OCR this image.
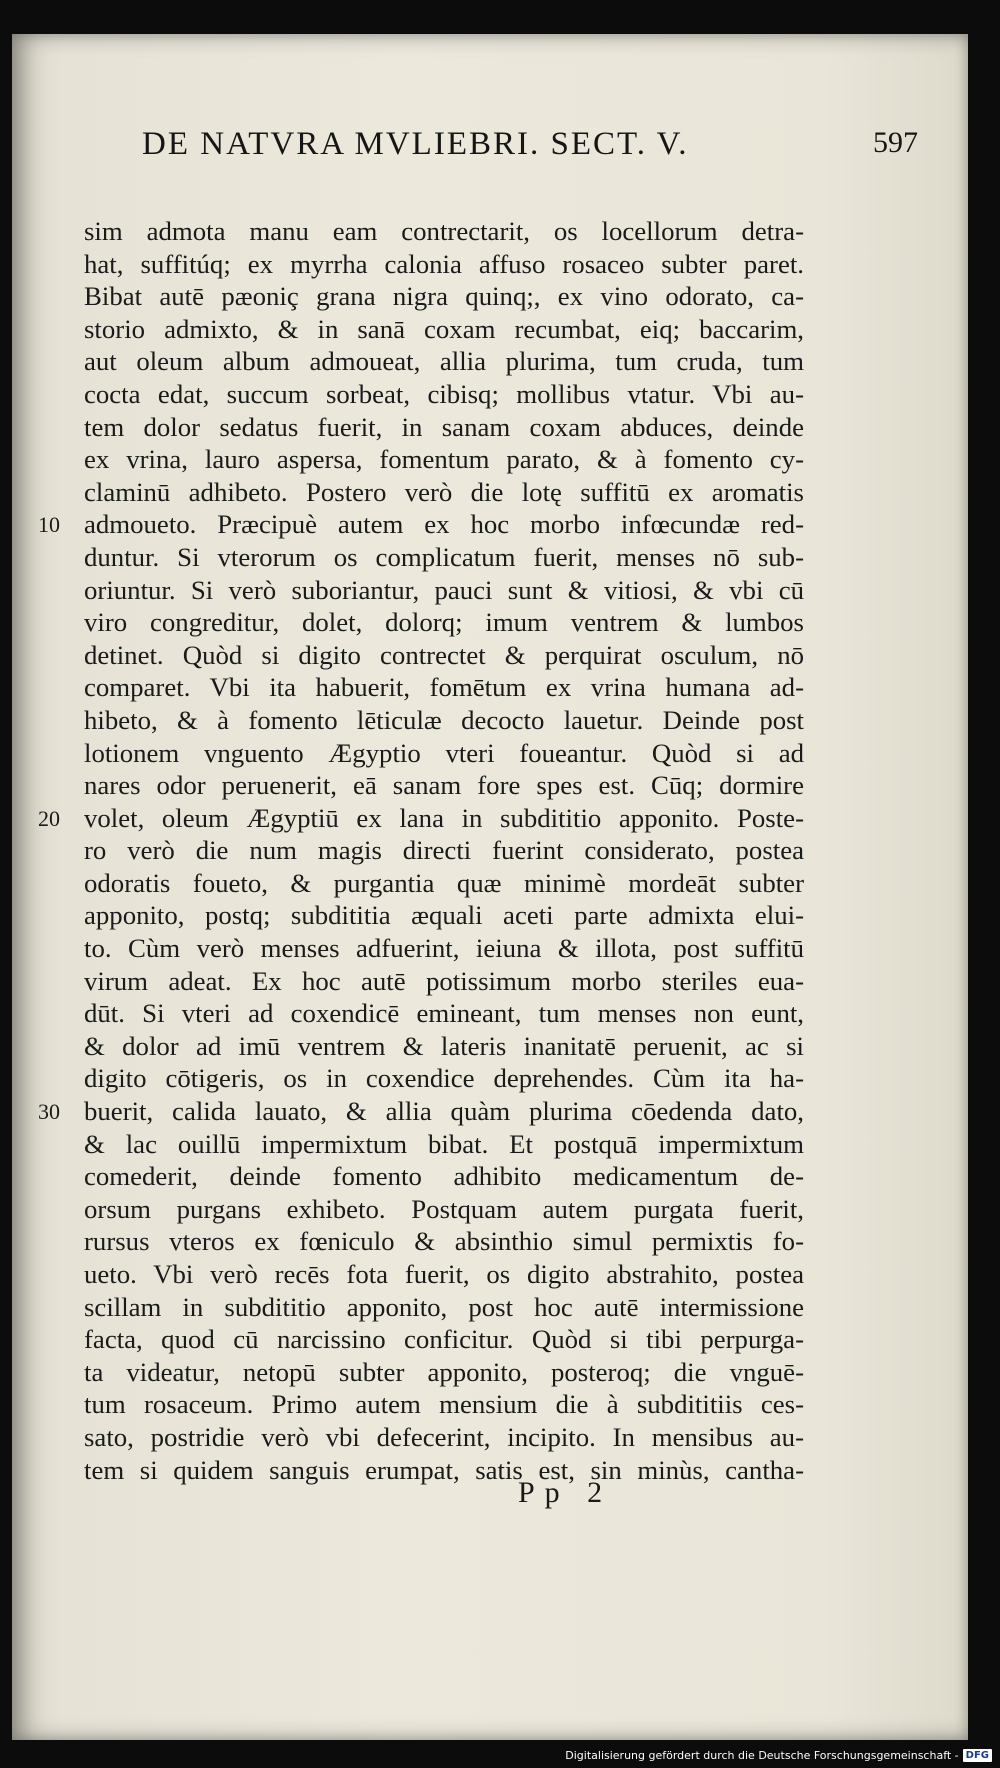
DE NATVRA MVLIEBRI. SECT. V.	597
sim admota manu eam contrectarit, os locellorum detra-
hat, suffitúq; ex myrrha calonia affuso rosaceo subter paret.
Bibat autē pæoniç grana nigra quinq;, ex vino odorato, ca-
storio admixto, & in sanā coxam recumbat, eiq; baccarim,
aut oleum album admoueat, allia plurima, tum cruda, tum
cocta edat, succum sorbeat, cibisq; mollibus vtatur. Vbi au-
tem dolor sedatus fuerit, in sanam coxam abduces, deinde
ex vrina, lauro aspersa, fomentum parato, & à fomento cy-
claminū adhibeto. Postero verò die lotę suffitū ex aromatis
admoueto. Præcipuè autem ex hoc morbo infœcundæ red-
duntur. Si vterorum os complicatum fuerit, menses nō sub-
oriuntur. Si verò suboriantur, pauci sunt & vitiosi, & vbi cū
viro congreditur, dolet, dolorq; imum ventrem & lumbos
detinet. Quòd si digito contrectet & perquirat osculum, nō
comparet. Vbi ita habuerit, fomētum ex vrina humana ad-
hibeto, & à fomento lēticulæ decocto lauetur. Deinde post
lotionem vnguento Ægyptio vteri foueantur. Quòd si ad
nares odor peruenerit, eā sanam fore spes est. Cūq; dormire
volet, oleum Ægyptiū ex lana in subdititio apponito. Poste-
ro verò die num magis directi fuerint considerato, postea
odoratis foueto, & purgantia quæ minimè mordeāt subter
apponito, postq; subdititia æquali aceti parte admixta elui-
to. Cùm verò menses adfuerint, ieiuna & illota, post suffitū
virum adeat. Ex hoc autē potissimum morbo steriles eua-
dūt. Si vteri ad coxendicē emineant, tum menses non eunt,
& dolor ad imū ventrem & lateris inanitatē peruenit, ac si
digito cōtigeris, os in coxendice deprehendes. Cùm ita ha-
buerit, calida lauato, & allia quàm plurima cōedenda dato,
& lac ouillū impermixtum bibat. Et postquā impermixtum
comederit, deinde fomento adhibito medicamentum de-
orsum purgans exhibeto. Postquam autem purgata fuerit,
rursus vteros ex fœniculo & absinthio simul permixtis fo-
ueto. Vbi verò recēs fota fuerit, os digito abstrahito, postea
scillam in subdititio apponito, post hoc autē intermissione
facta, quod cū narcissino conficitur. Quòd si tibi perpurga-
ta videatur, netopū subter apponito, posteroq; die vnguē-
tum rosaceum. Primo autem mensium die à subdititiis ces-
sato, postridie verò vbi defecerint, incipito. In mensibus au-
tem si quidem sanguis erumpat, satis est, sin minùs, cantha-
Pp 2
10
20
30
Digitalisierung gefördert durch die Deutsche Forschungsgemeinschaft - DFG
